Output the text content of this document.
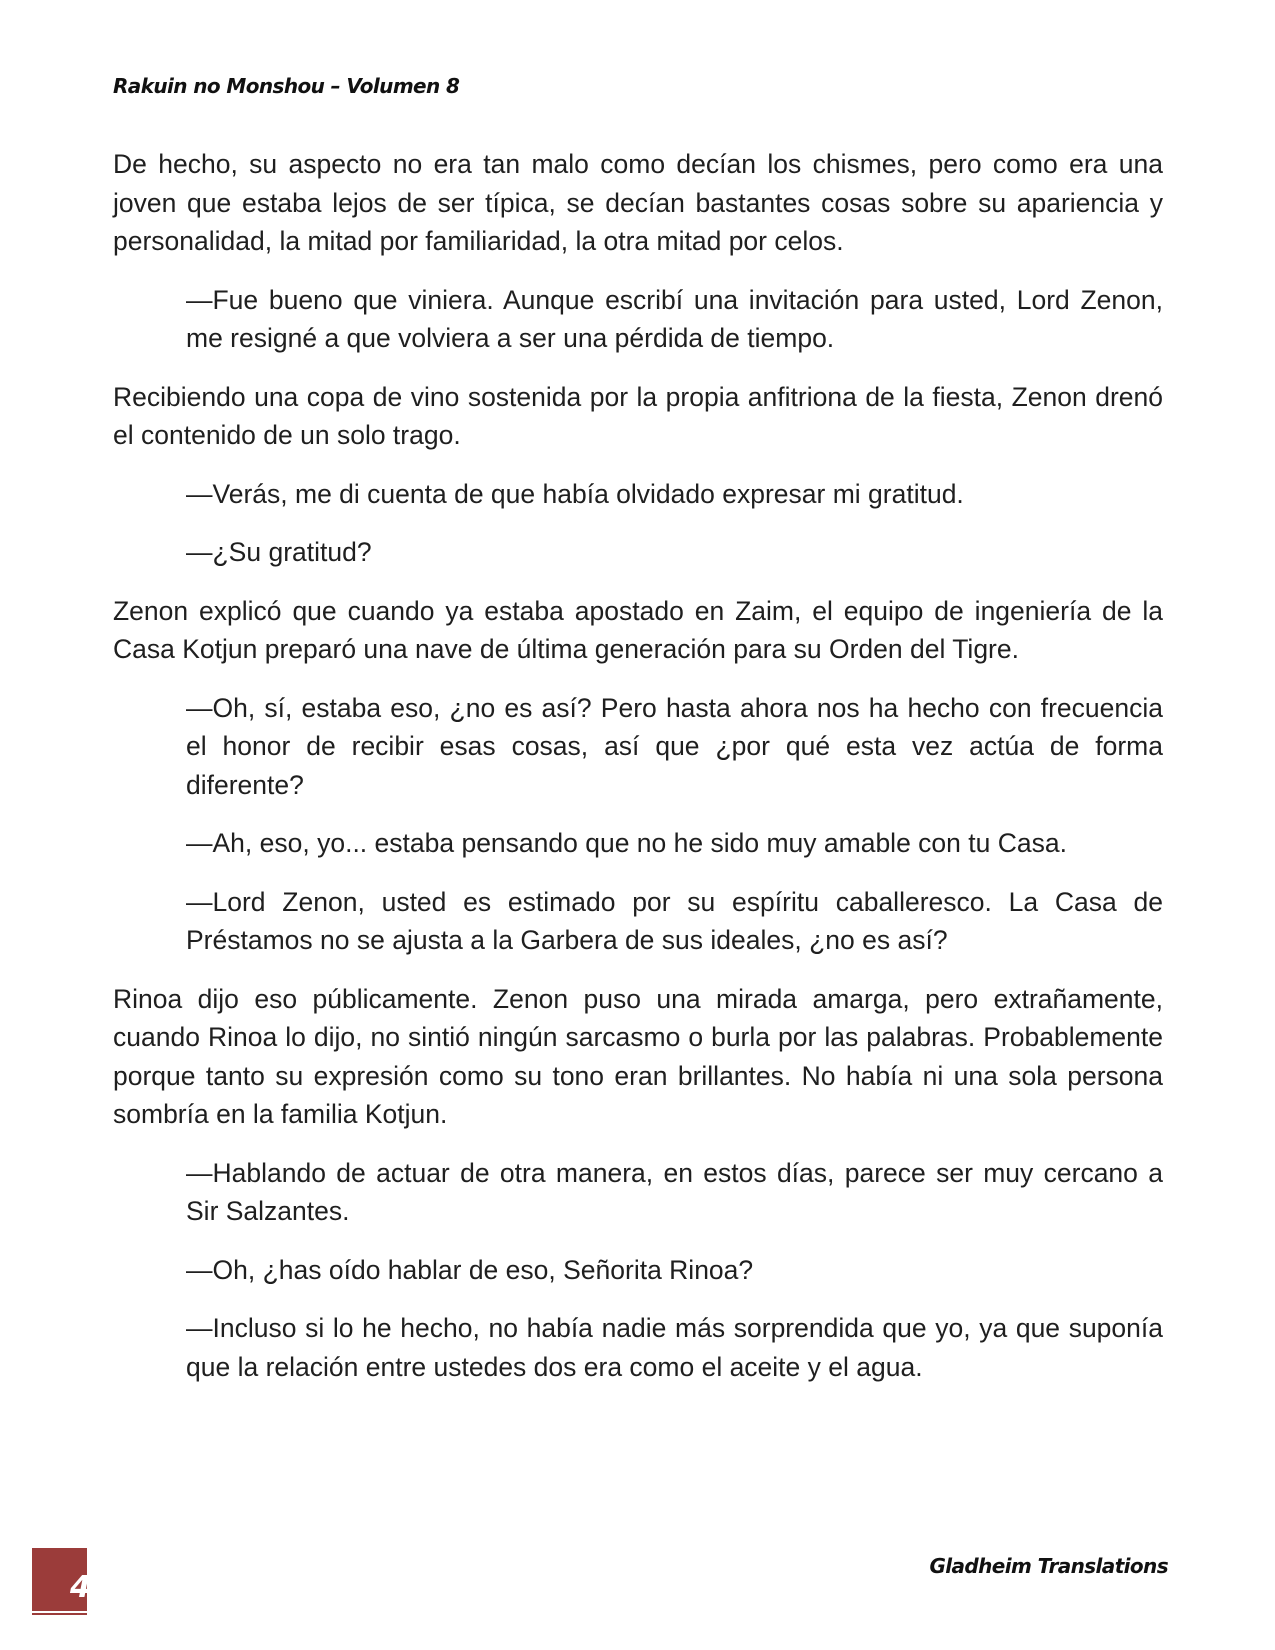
Rakuin no Monshou – Volumen 8

De hecho, su aspecto no era tan malo como decían los chismes, pero como era una joven que estaba lejos de ser típica, se decían bastantes cosas sobre su apariencia y personalidad, la mitad por familiaridad, la otra mitad por celos.

—Fue bueno que viniera. Aunque escribí una invitación para usted, Lord Zenon, me resigné a que volviera a ser una pérdida de tiempo.

Recibiendo una copa de vino sostenida por la propia anfitriona de la fiesta, Zenon drenó el contenido de un solo trago.

—Verás, me di cuenta de que había olvidado expresar mi gratitud.

—¿Su gratitud?

Zenon explicó que cuando ya estaba apostado en Zaim, el equipo de ingeniería de la Casa Kotjun preparó una nave de última generación para su Orden del Tigre.

—Oh, sí, estaba eso, ¿no es así? Pero hasta ahora nos ha hecho con frecuencia el honor de recibir esas cosas, así que ¿por qué esta vez actúa de forma diferente?

—Ah, eso, yo... estaba pensando que no he sido muy amable con tu Casa.

—Lord Zenon, usted es estimado por su espíritu caballeresco. La Casa de Préstamos no se ajusta a la Garbera de sus ideales, ¿no es así?

Rinoa dijo eso públicamente. Zenon puso una mirada amarga, pero extrañamente, cuando Rinoa lo dijo, no sintió ningún sarcasmo o burla por las palabras. Probablemente porque tanto su expresión como su tono eran brillantes. No había ni una sola persona sombría en la familia Kotjun.

—Hablando de actuar de otra manera, en estos días, parece ser muy cercano a Sir Salzantes.

—Oh, ¿has oído hablar de eso, Señorita Rinoa?

—Incluso si lo he hecho, no había nadie más sorprendida que yo, ya que suponía que la relación entre ustedes dos era como el aceite y el agua.

4
Gladheim Translations
